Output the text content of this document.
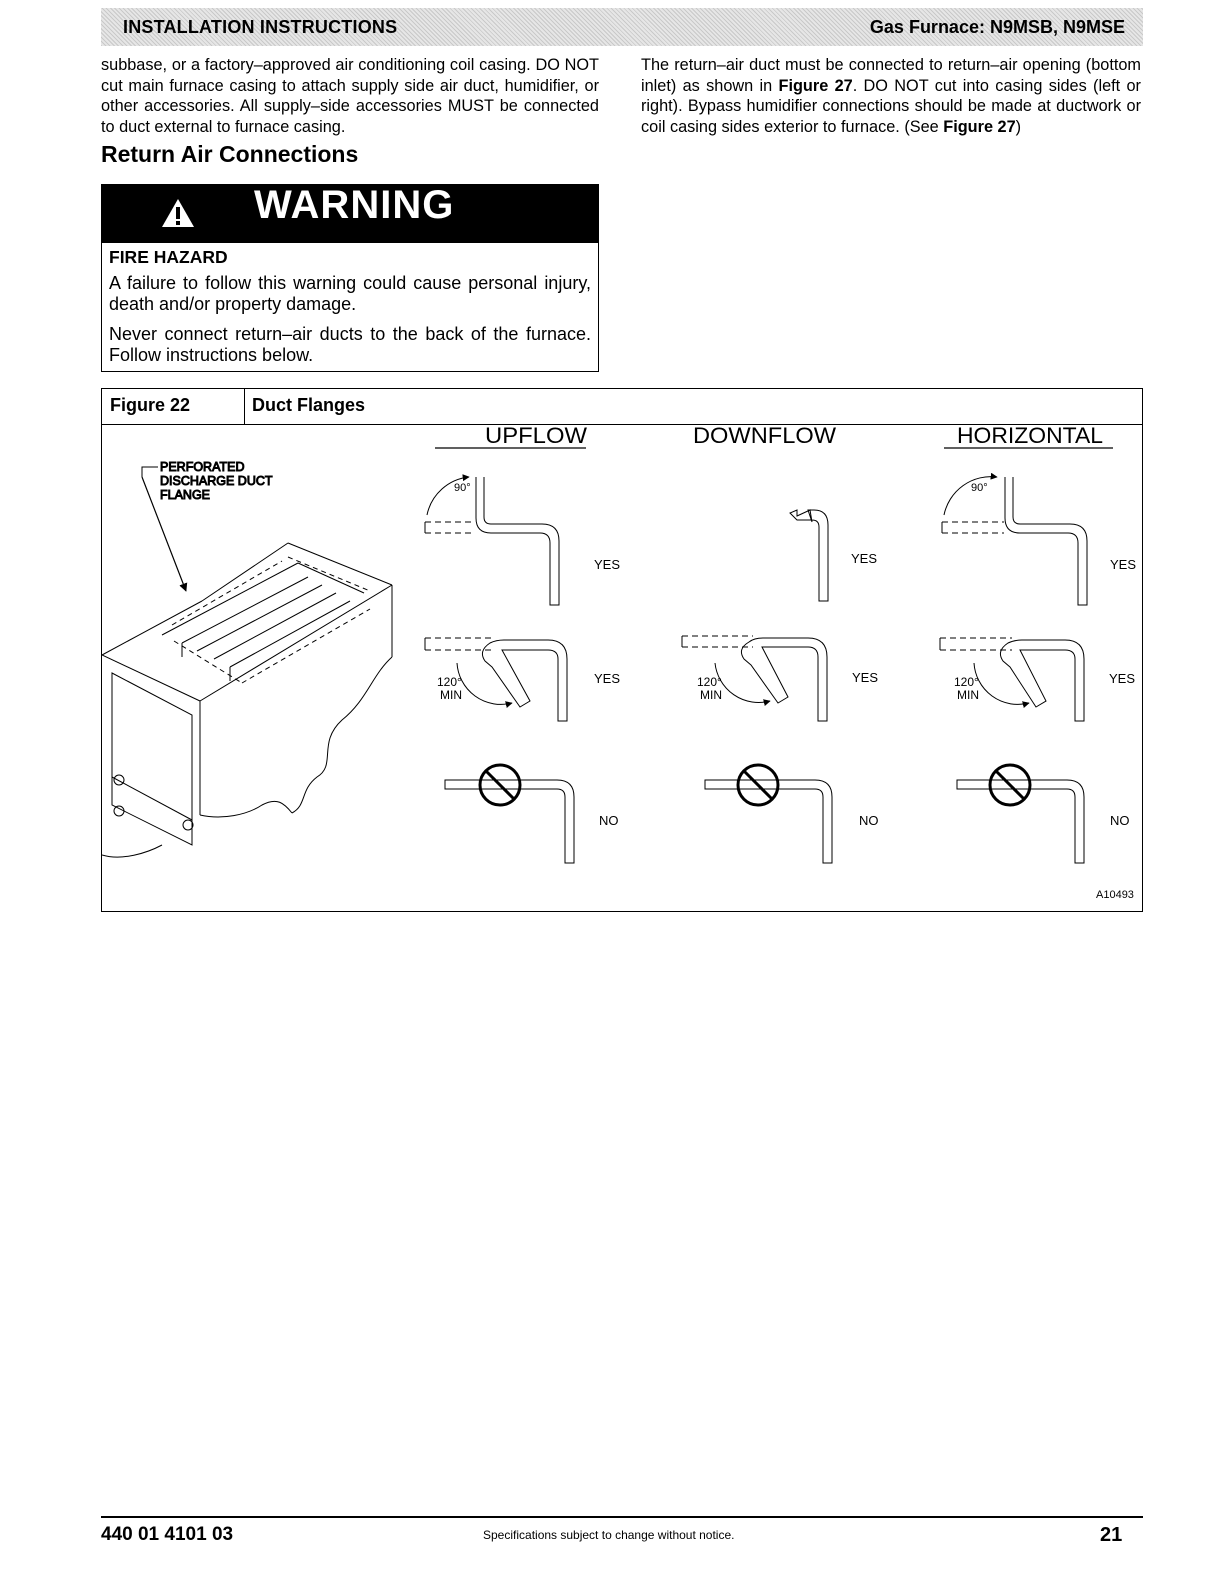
INSTALLATION INSTRUCTIONS	Gas Furnace: N9MSB, N9MSE
subbase, or a factory–approved air conditioning coil casing. DO NOT cut main furnace casing to attach supply side air duct, humidifier, or other accessories. All supply–side accessories MUST be connected to duct external to furnace casing.
Return Air Connections
The return–air duct must be connected to return–air opening (bottom inlet) as shown in Figure 27. DO NOT cut into casing sides (left or right). Bypass humidifier connections should be made at ductwork or coil casing sides exterior to furnace. (See Figure 27)
WARNING
FIRE HAZARD
A failure to follow this warning could cause personal injury, death and/or property damage.
Never connect return–air ducts to the back of the furnace. Follow instructions below.
Figure 22	Duct Flanges
PERFORATED
DISCHARGE DUCT
FLANGE
UPFLOW	DOWNFLOW	HORIZONTAL
90°
YES
120°
MIN
YES
NO
YES
120°
MIN
YES
NO
90°
YES
120°
MIN
YES
NO
A10493
440 01 4101 03	Specifications subject to change without notice.	21
